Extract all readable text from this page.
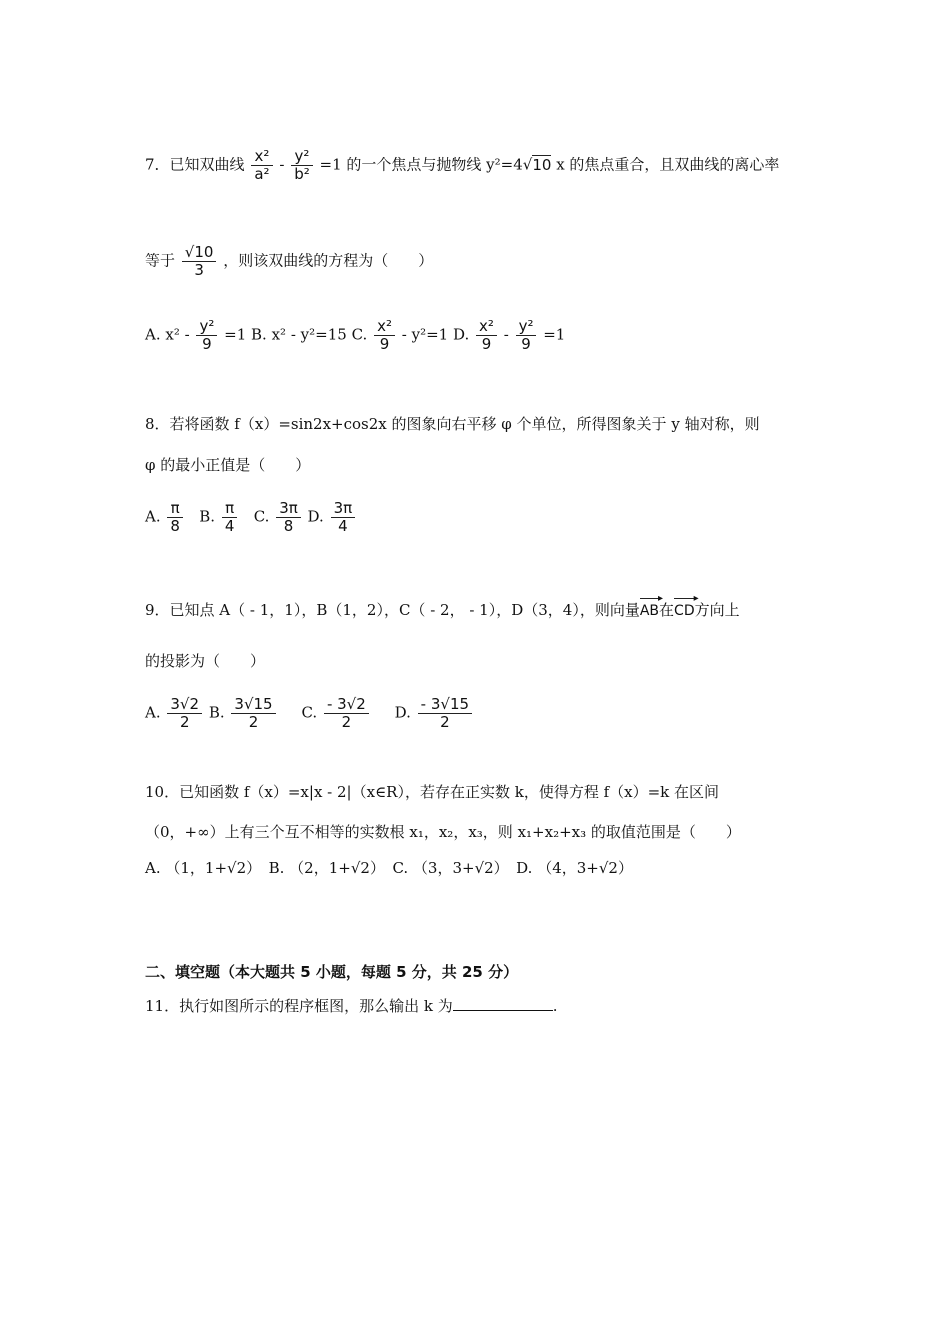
7．已知双曲线 $\frac{\text{x²}}{\text{a²}} - \frac{\text{y²}}{\text{b²}} =1$ 的一个焦点与抛物线 y²=4√10 x 的焦点重合，且双曲线的离心率
等于 $\frac{√10}{3}$ ，则该双曲线的方程为（　　）
A. $x^2 - \frac{\text{y²}}{9} =1$ B. x² - y²=15 C. $\frac{\text{x²}}{9} - y^2=1$ D. $\frac{\text{x²}}{9} - \frac{\text{y²}}{9} =1$
8．若将函数 f（x）=sin2x+cos2x 的图象向右平移 φ 个单位，所得图象关于 y 轴对称，则
φ 的最小正值是（　　）
A. $\frac{\pi}{8} B$. $\frac{\pi}{4} C$. $\frac{3\pi}{8} D$. $\frac{3\pi}{4}$
9．已知点 A（ - 1，1），B（1，2），C（ - 2， - 1），D（3，4），则向量AB ▸在CD ▸方向上
的投影为（　　）
A. $\frac{3√2}{2} B$. $\frac{3√15}{2} C$. $\frac{- 3√2}{2} D$. $\frac{- 3√15}{2}$
10．已知函数 f（x）=x|x - 2|（x∈R），若存在正实数 k，使得方程 f（x）=k 在区间
（0，+∞）上有三个互不相等的实数根 x₁，x₂，x₃，则 x₁+x₂+x₃ 的取值范围是（　　）
A. （1，1+√2）　B. （2，1+√2）　C. （3，3+√2）　D. （4，3+√2）
二、填空题（本大题共 5 小题，每题 5 分，共 25 分）
11．执行如图所示的程序框图，那么输出 k 为	.
